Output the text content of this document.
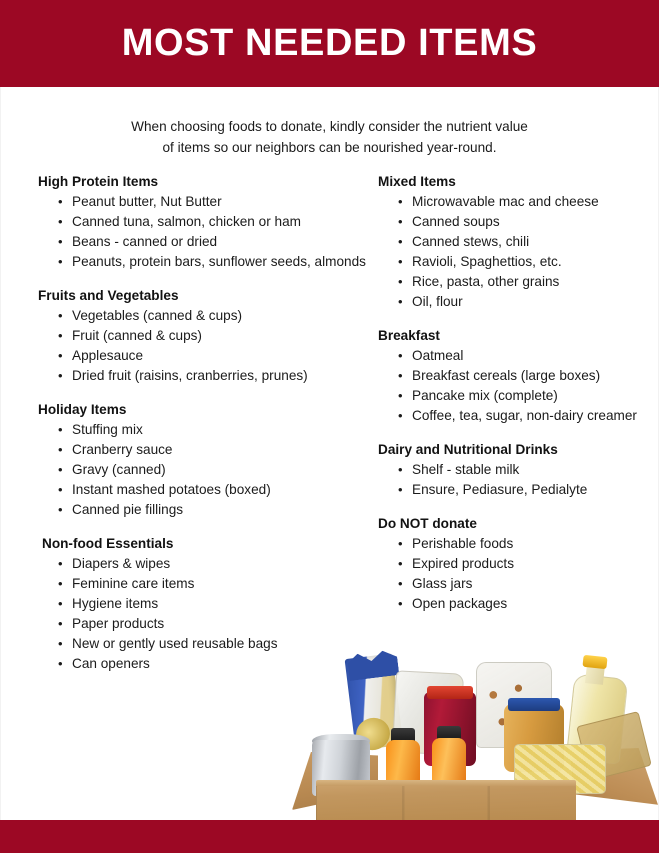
MOST NEEDED ITEMS
When choosing foods to donate, kindly consider the nutrient value
of items so our neighbors can be nourished year-round.
High Protein Items
• Peanut butter, Nut Butter
• Canned tuna, salmon, chicken or ham
• Beans - canned or dried
• Peanuts, protein bars, sunflower seeds, almonds
Fruits and Vegetables
• Vegetables (canned & cups)
• Fruit (canned & cups)
• Applesauce
• Dried fruit (raisins, cranberries, prunes)
Holiday Items
• Stuffing mix
• Cranberry sauce
• Gravy (canned)
• Instant mashed potatoes (boxed)
• Canned pie fillings
Non-food Essentials
• Diapers & wipes
• Feminine care items
• Hygiene items
• Paper products
• New or gently used reusable bags
• Can openers
Mixed Items
• Microwavable mac and cheese
• Canned soups
• Canned stews, chili
• Ravioli, Spaghettios, etc.
• Rice, pasta, other grains
• Oil, flour
Breakfast
• Oatmeal
• Breakfast cereals (large boxes)
• Pancake mix (complete)
• Coffee, tea, sugar, non-dairy creamer
Dairy and Nutritional Drinks
• Shelf - stable milk
• Ensure, Pediasure, Pedialyte
Do NOT donate
• Perishable foods
• Expired products
• Glass jars
• Open packages
